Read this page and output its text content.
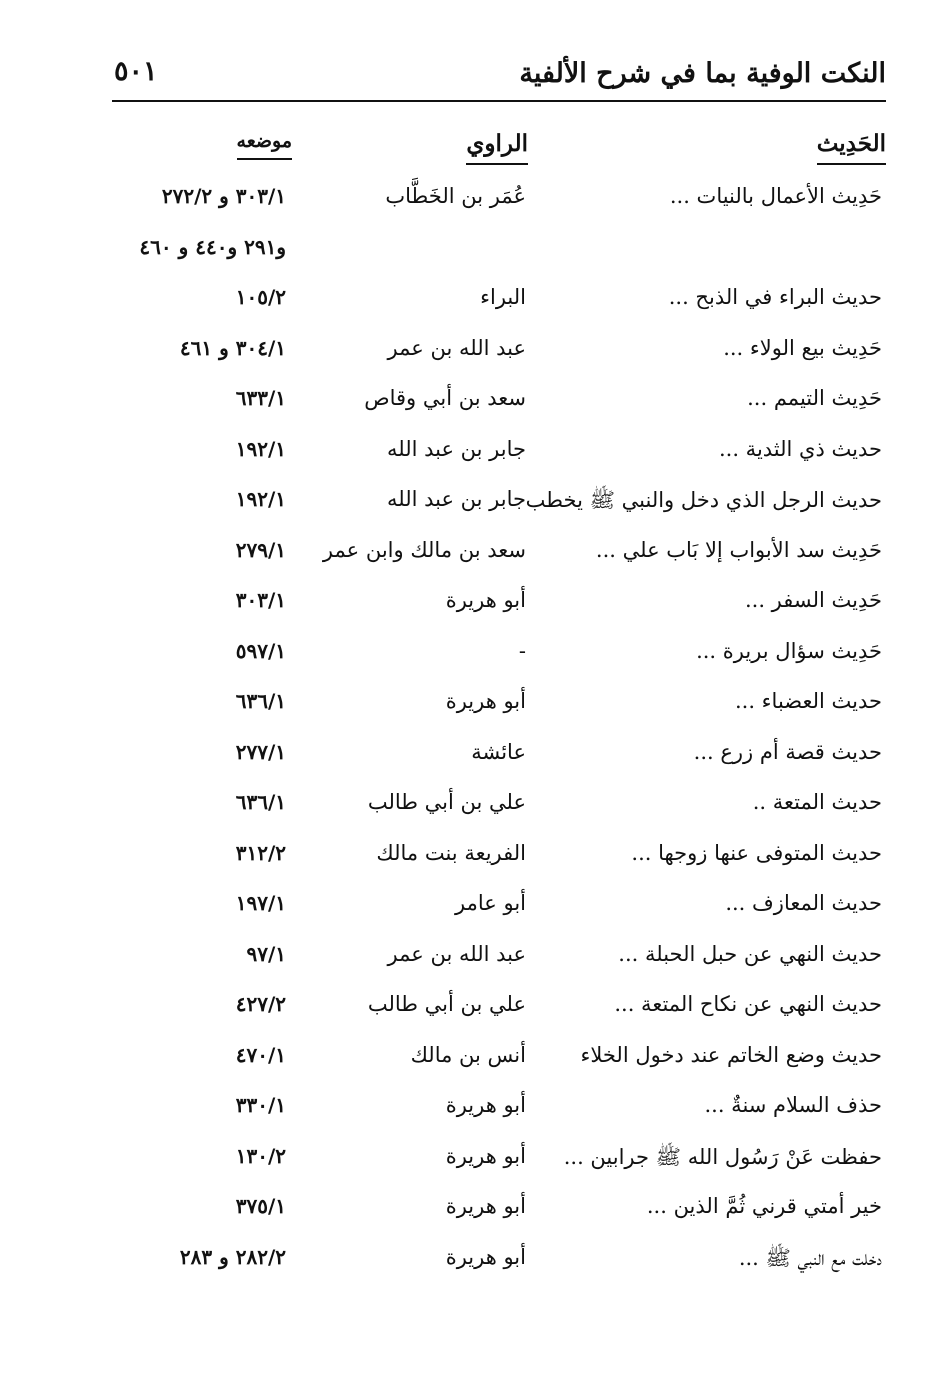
النكت الوفية بما في شرح الألفية
٥٠١
الحَدِيث
الراوي
موضعه
حَدِيث الأعمال بالنيات ...
عُمَر بن الخَطَّاب
٣٠٣/١ و ٢٧٢/٢
و٢٩١ و٤٤٠ و ٤٦٠
حديث البراء في الذبح ...
البراء
١٠٥/٢
حَدِيث بيع الولاء ...
عبد الله بن عمر
٣٠٤/١ و ٤٦١
حَدِيث التيمم ...
سعد بن أبي وقاص
٦٣٣/١
حديث ذي الثدية ...
جابر بن عبد الله
١٩٢/١
حديث الرجل الذي دخل والنبي ﷺ يخطب
جابر بن عبد الله
١٩٢/١
حَدِيث سد الأبواب إلا بَاب علي ...
سعد بن مالك وابن عمر
٢٧٩/١
حَدِيث السفر ...
أبو هريرة
٣٠٣/١
حَدِيث سؤال بريرة ...
-
٥٩٧/١
حديث العضباء ...
أبو هريرة
٦٣٦/١
حديث قصة أم زرع ...
عائشة
٢٧٧/١
حديث المتعة ..
علي بن أبي طالب
٦٣٦/١
حديث المتوفى عنها زوجها ...
الفريعة بنت مالك
٣١٢/٢
حديث المعازف ...
أبو عامر
١٩٧/١
حديث النهي عن حبل الحبلة ...
عبد الله بن عمر
٩٧/١
حديث النهي عن نكاح المتعة ...
علي بن أبي طالب
٤٢٧/٢
حديث وضع الخاتم عند دخول الخلاء
أنس بن مالك
٤٧٠/١
حذف السلام سنةٌ ...
أبو هريرة
٣٣٠/١
حفظت عَنْ رَسُول الله ﷺ جرابين ...
أبو هريرة
١٣٠/٢
خير أمتي قرني ثُمَّ الذين ...
أبو هريرة
٣٧٥/١
دخلت مع النبي ﷺ ...
أبو هريرة
٢٨٢/٢ و ٢٨٣
